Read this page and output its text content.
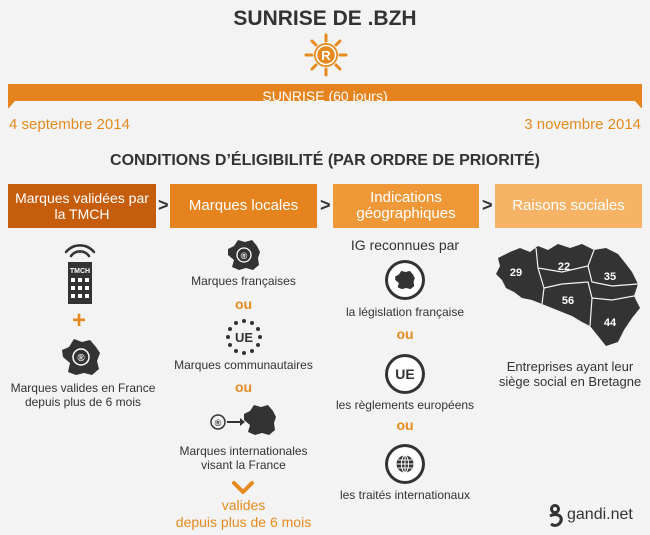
SUNRISE DE .BZH
R
SUNRISE (60 jours)
4 septembre 2014	3 novembre 2014
CONDITIONS D’ÉLIGIBILITÉ (PAR ORDRE DE PRIORITÉ)
Marques validées par la TMCH	>	Marques locales	>	Indications géographiques	>	Raisons sociales
TMCH
+
®
Marques valides en France
depuis plus de 6 mois
®
Marques françaises
ou
UE
Marques communautaires
ou
®
Marques internationales
visant la France
valides
depuis plus de 6 mois
IG reconnues par
la législation française
ou
UE
les règlements européens
ou
les traités internationaux
29	22
56
35
44
Entreprises ayant leur
siège social en Bretagne
gandi.net
